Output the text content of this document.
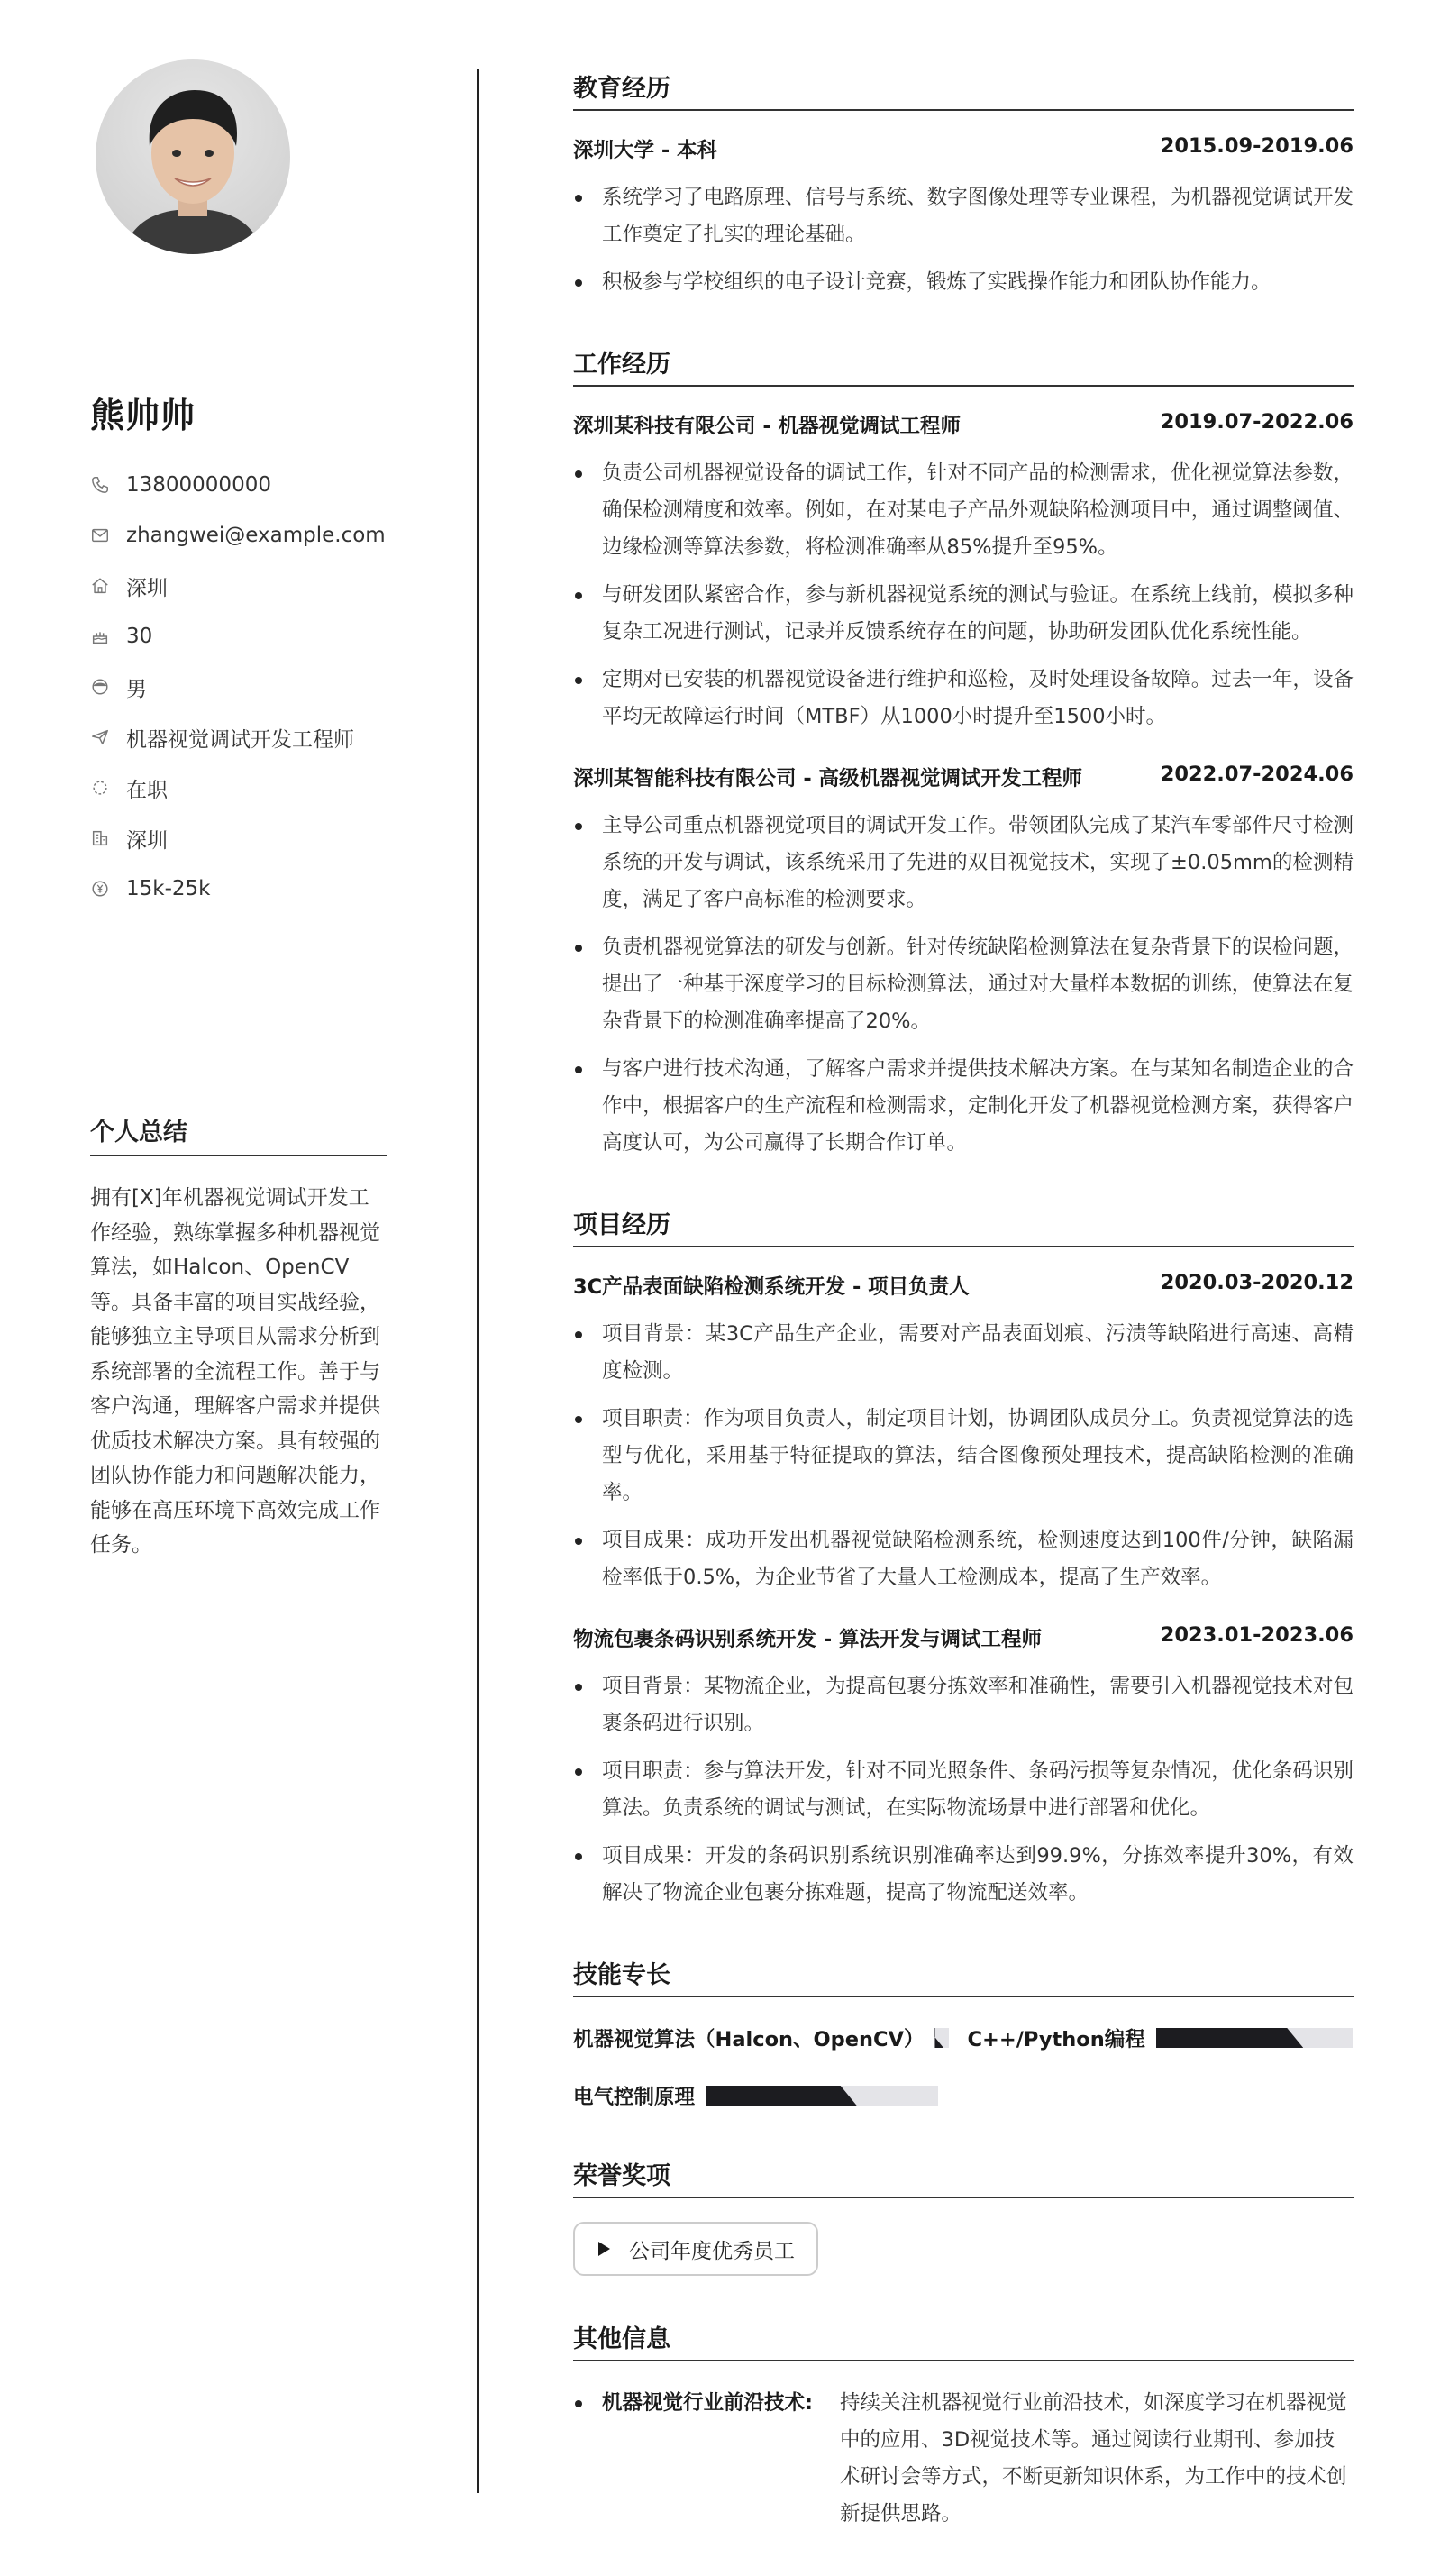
熊帅帅
13800000000
zhangwei@example.com
深圳
30
男
机器视觉调试开发工程师
在职
深圳
15k-25k
个人总结

拥有[X]年机器视觉调试开发工作经验，熟练掌握多种机器视觉算法，如Halcon、OpenCV等。具备丰富的项目实战经验，能够独立主导项目从需求分析到系统部署的全流程工作。善于与客户沟通，理解客户需求并提供优质技术解决方案。具有较强的团队协作能力和问题解决能力，能够在高压环境下高效完成工作任务。

教育经历
深圳大学 - 本科	2015.09-2019.06
系统学习了电路原理、信号与系统、数字图像处理等专业课程，为机器视觉调试开发工作奠定了扎实的理论基础。
积极参与学校组织的电子设计竞赛，锻炼了实践操作能力和团队协作能力。
工作经历
深圳某科技有限公司 - 机器视觉调试工程师	2019.07-2022.06
负责公司机器视觉设备的调试工作，针对不同产品的检测需求，优化视觉算法参数，确保检测精度和效率。例如，在对某电子产品外观缺陷检测项目中，通过调整阈值、边缘检测等算法参数，将检测准确率从85%提升至95%。
与研发团队紧密合作，参与新机器视觉系统的测试与验证。在系统上线前，模拟多种复杂工况进行测试，记录并反馈系统存在的问题，协助研发团队优化系统性能。
定期对已安装的机器视觉设备进行维护和巡检，及时处理设备故障。过去一年，设备平均无故障运行时间（MTBF）从1000小时提升至1500小时。
深圳某智能科技有限公司 - 高级机器视觉调试开发工程师	2022.07-2024.06
主导公司重点机器视觉项目的调试开发工作。带领团队完成了某汽车零部件尺寸检测系统的开发与调试，该系统采用了先进的双目视觉技术，实现了±0.05mm的检测精度，满足了客户高标准的检测要求。
负责机器视觉算法的研发与创新。针对传统缺陷检测算法在复杂背景下的误检问题，提出了一种基于深度学习的目标检测算法，通过对大量样本数据的训练，使算法在复杂背景下的检测准确率提高了20%。
与客户进行技术沟通，了解客户需求并提供技术解决方案。在与某知名制造企业的合作中，根据客户的生产流程和检测需求，定制化开发了机器视觉检测方案，获得客户高度认可，为公司赢得了长期合作订单。
项目经历
3C产品表面缺陷检测系统开发 - 项目负责人	2020.03-2020.12
项目背景：某3C产品生产企业，需要对产品表面划痕、污渍等缺陷进行高速、高精度检测。
项目职责：作为项目负责人，制定项目计划，协调团队成员分工。负责视觉算法的选型与优化，采用基于特征提取的算法，结合图像预处理技术，提高缺陷检测的准确率。
项目成果：成功开发出机器视觉缺陷检测系统，检测速度达到100件/分钟，缺陷漏检率低于0.5%，为企业节省了大量人工检测成本，提高了生产效率。
物流包裹条码识别系统开发 - 算法开发与调试工程师	2023.01-2023.06
项目背景：某物流企业，为提高包裹分拣效率和准确性，需要引入机器视觉技术对包裹条码进行识别。
项目职责：参与算法开发，针对不同光照条件、条码污损等复杂情况，优化条码识别算法。负责系统的调试与测试，在实际物流场景中进行部署和优化。
项目成果：开发的条码识别系统识别准确率达到99.9%，分拣效率提升30%，有效解决了物流企业包裹分拣难题，提高了物流配送效率。
技能专长
机器视觉算法（Halcon、OpenCV） C++/Python编程
电气控制原理
荣誉奖项
公司年度优秀员工
其他信息
机器视觉行业前沿技术:	持续关注机器视觉行业前沿技术，如深度学习在机器视觉中的应用、3D视觉技术等。通过阅读行业期刊、参加技术研讨会等方式，不断更新知识体系，为工作中的技术创新提供思路。
